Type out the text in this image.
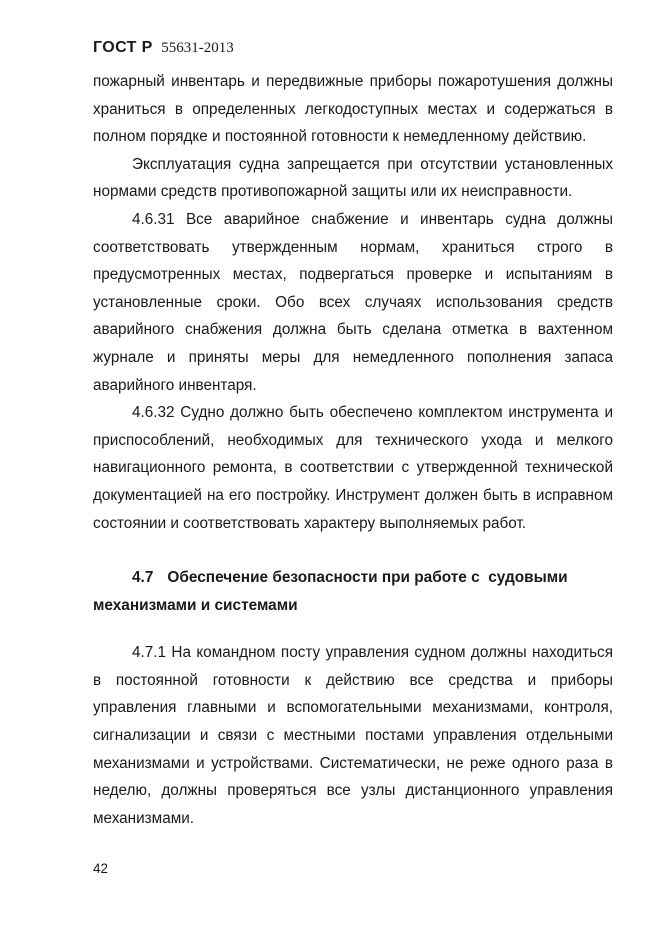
ГОСТ Р 55631-2013

пожарный инвентарь и передвижные приборы пожаротушения должны храниться в определенных легкодоступных местах и содержаться в полном порядке и постоянной готовности к немедленному действию.

Эксплуатация судна запрещается при отсутствии установленных нормами средств противопожарной защиты или их неисправности.

4.6.31 Все аварийное снабжение и инвентарь судна должны соответствовать утвержденным нормам, храниться строго в предусмотренных местах, подвергаться проверке и испытаниям в установленные сроки. Обо всех случаях использования средств аварийного снабжения должна быть сделана отметка в вахтенном журнале и приняты меры для немедленного пополнения запаса аварийного инвентаря.

4.6.32 Судно должно быть обеспечено комплектом инструмента и приспособлений, необходимых для технического ухода и мелкого навигационного ремонта, в соответствии с утвержденной технической документацией на его постройку. Инструмент должен быть в исправном состоянии и соответствовать характеру выполняемых работ.

4.7 Обеспечение безопасности при работе с  судовыми механизмами и системами

4.7.1 На командном посту управления судном должны находиться в постоянной готовности к действию все средства и приборы управления главными и вспомогательными механизмами, контроля, сигнализации и связи с местными постами управления отдельными механизмами и устройствами. Систематически, не реже одного раза в неделю, должны проверяться все узлы дистанционного управления механизмами.

42
